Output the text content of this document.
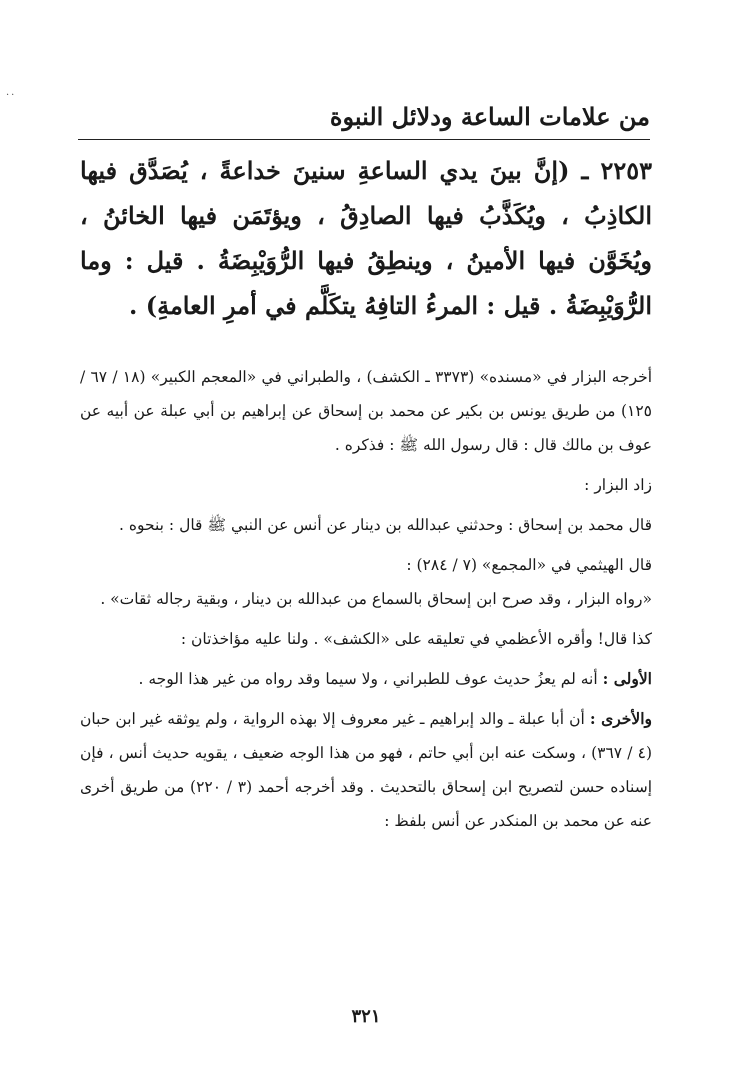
··
من علامات الساعة ودلائل النبوة
٢٢٥٣ ـ (إنَّ بينَ يدي الساعةِ سنينَ خداعةً ، يُصَدَّق فيها الكاذِبُ ، ويُكَذَّبُ فيها الصادِقُ ، ويؤتَمَن فيها الخائنُ ، ويُخَوَّن فيها الأمينُ ، وينطِقُ فيها الرُّوَيْبِضَةُ . قيل : وما الرُّوَيْبِضَةُ . قيل : المرءُ التافِهُ يتكَلَّم في أمرِ العامةِ) .

أخرجه البزار في «مسنده» (٣٣٧٣ ـ الكشف) ، والطبراني في «المعجم الكبير» (١٨ / ٦٧ / ١٢٥) من طريق يونس بن بكير عن محمد بن إسحاق عن إبراهيم بن أبي عبلة عن أبيه عن عوف بن مالك قال : قال رسول الله ﷺ : فذكره .

زاد البزار :

قال محمد بن إسحاق : وحدثني عبدالله بن دينار عن أنس عن النبي ﷺ قال : بنحوه .

قال الهيثمي في «المجمع» (٧ / ٢٨٤) :

«رواه البزار ، وقد صرح ابن إسحاق بالسماع من عبدالله بن دينار ، وبقية رجاله ثقات» .

كذا قال! وأقره الأعظمي في تعليقه على «الكشف» . ولنا عليه مؤاخذتان :

الأولى : أنه لم يعزُ حديث عوف للطبراني ، ولا سيما وقد رواه من غير هذا الوجه .

والأخرى : أن أبا عبلة ـ والد إبراهيم ـ غير معروف إلا بهذه الرواية ، ولم يوثقه غير ابن حبان (٤ / ٣٦٧) ، وسكت عنه ابن أبي حاتم ، فهو من هذا الوجه ضعيف ، يقويه حديث أنس ، فإن إسناده حسن لتصريح ابن إسحاق بالتحديث . وقد أخرجه أحمد (٣ / ٢٢٠) من طريق أخرى عنه عن محمد بن المنكدر عن أنس بلفظ :

٣٢١
